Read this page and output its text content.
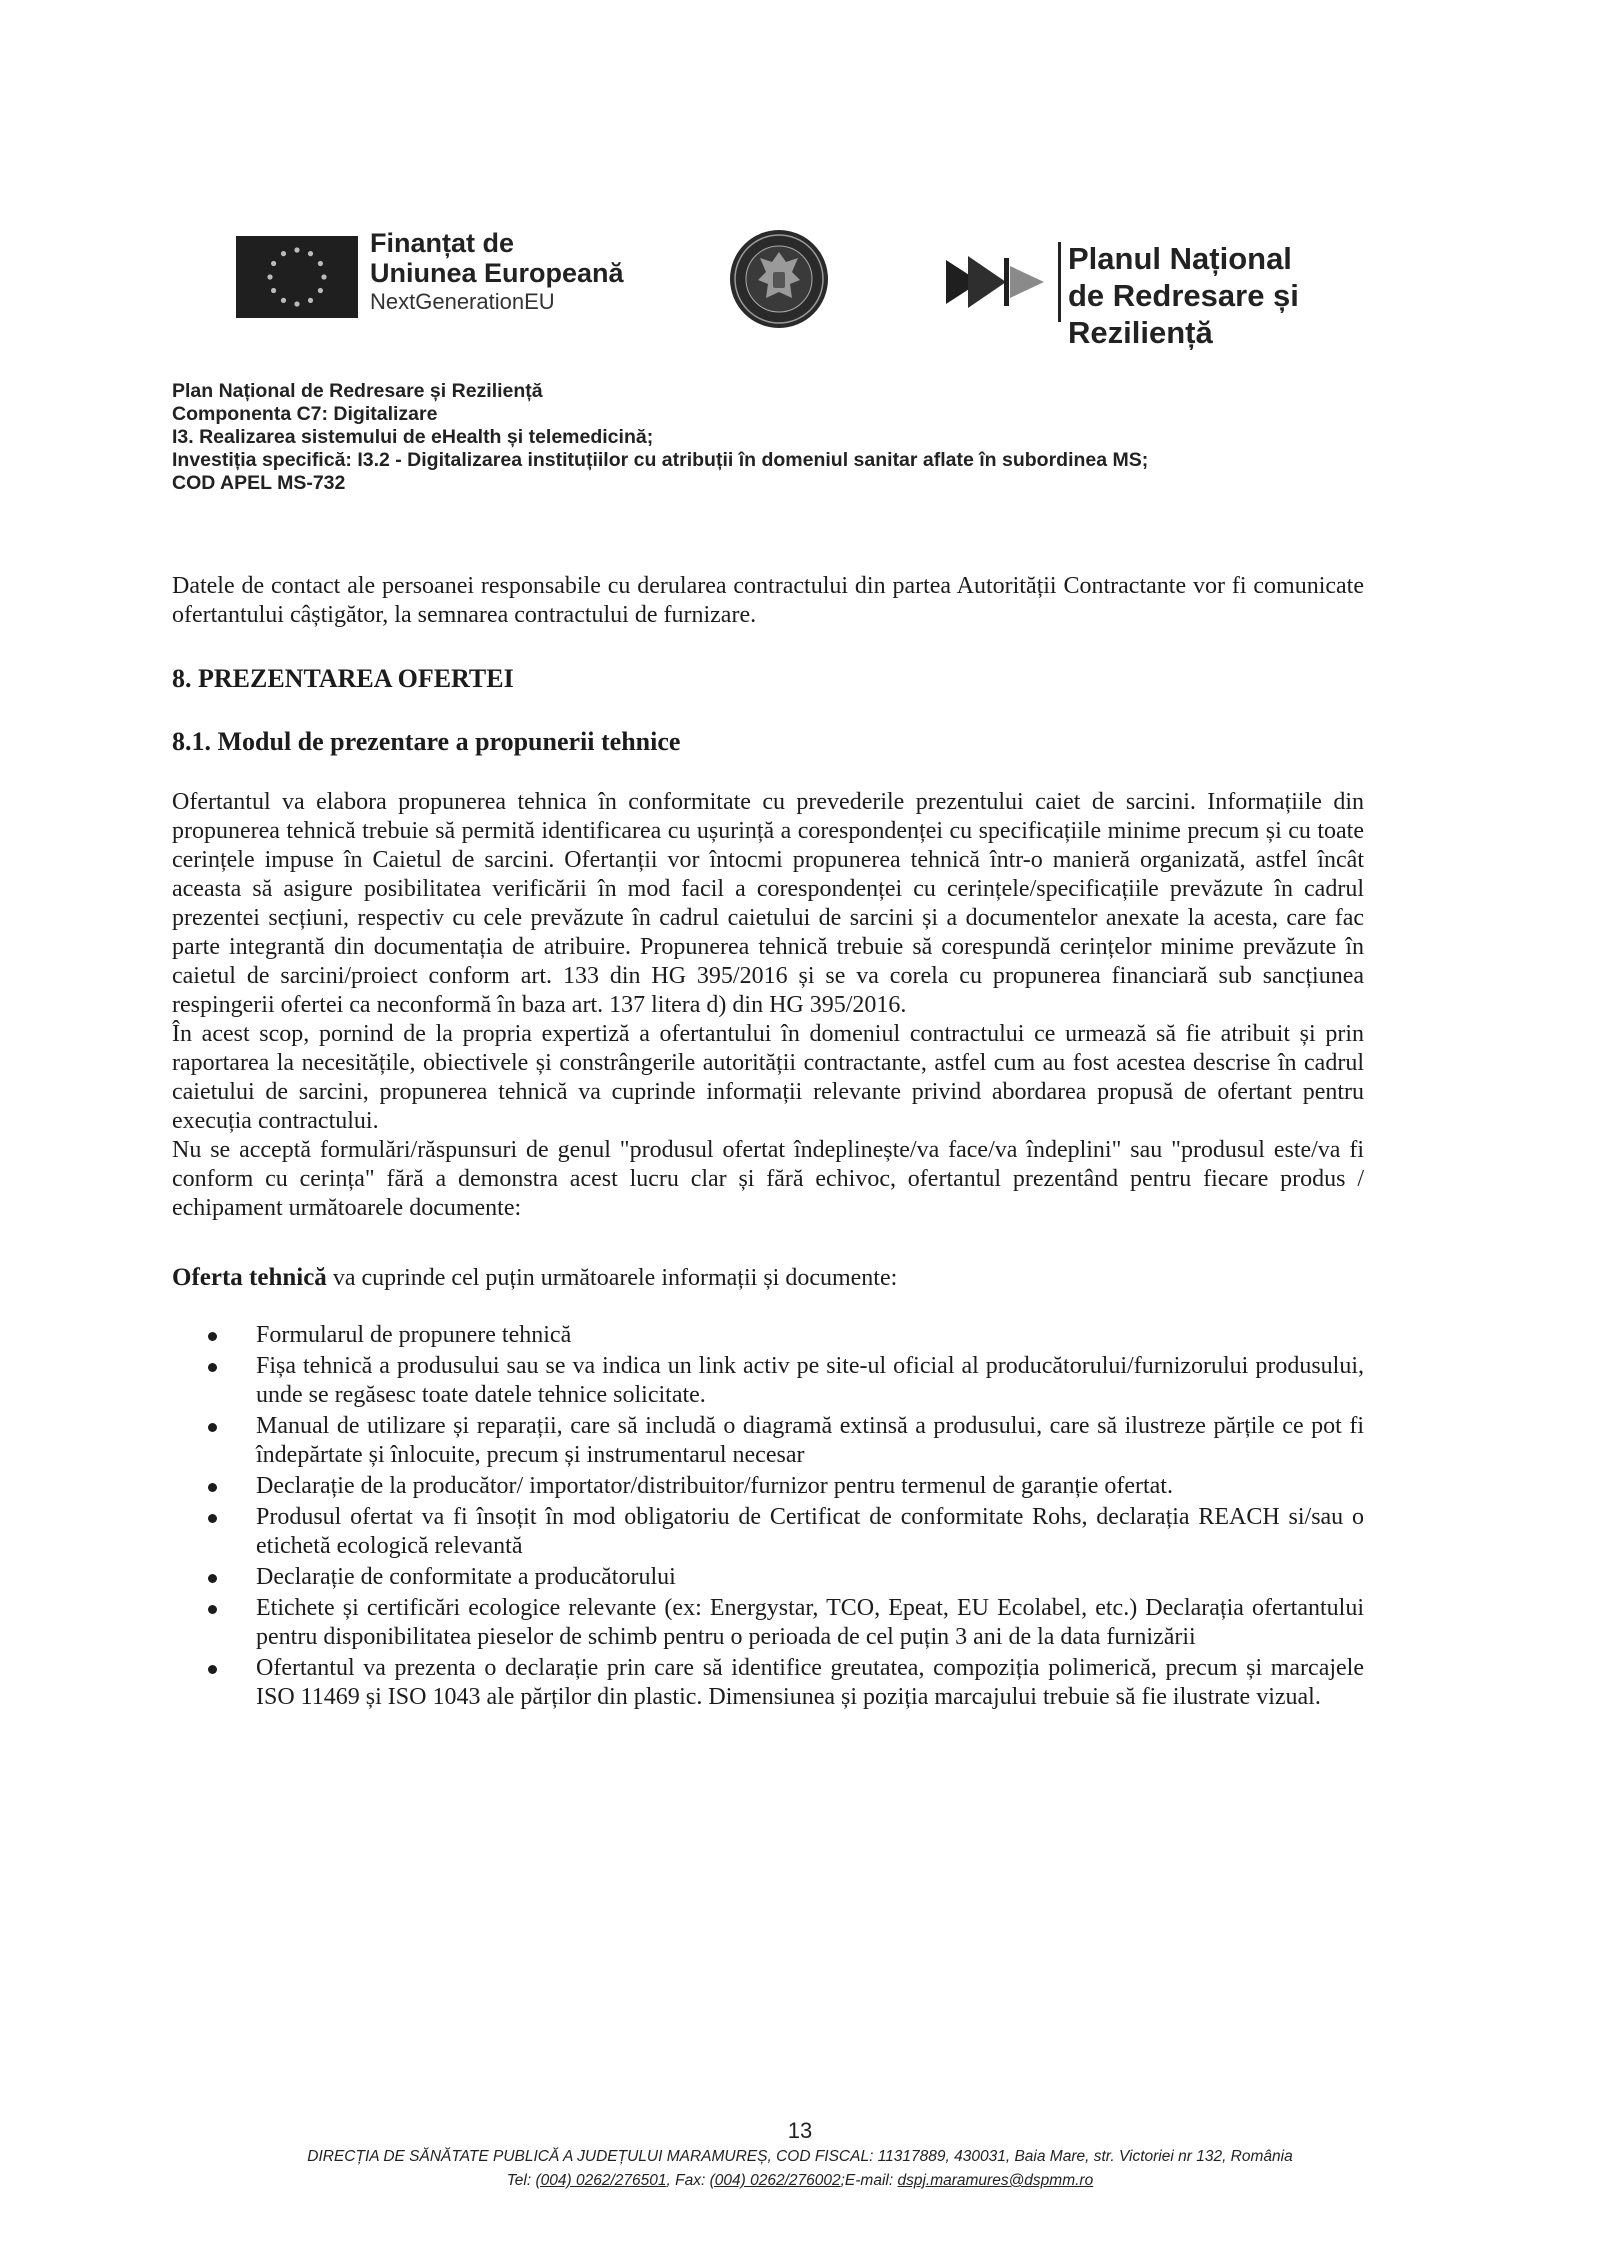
Finanțat de
Uniunea Europeană
NextGenerationEU
Planul Național
de Redresare și Reziliență
Plan Național de Redresare și Reziliență
Componenta C7: Digitalizare
I3. Realizarea sistemului de eHealth și telemedicină;
Investiția specifică: I3.2 - Digitalizarea instituțiilor cu atribuții în domeniul sanitar aflate în subordinea MS;
COD APEL MS-732
Datele de contact ale persoanei responsabile cu derularea contractului din partea Autorității Contractante vor fi comunicate ofertantului câștigător, la semnarea contractului de furnizare.
8. PREZENTAREA OFERTEI
8.1. Modul de prezentare a propunerii tehnice

Ofertantul va elabora propunerea tehnica în conformitate cu prevederile prezentului caiet de sarcini. Informațiile din propunerea tehnică trebuie să permită identificarea cu ușurință a corespondenței cu specificațiile minime precum și cu toate cerințele impuse în Caietul de sarcini. Ofertanții vor întocmi propunerea tehnică într-o manieră organizată, astfel încât aceasta să asigure posibilitatea verificării în mod facil a corespondenței cu cerințele/specificațiile prevăzute în cadrul prezentei secțiuni, respectiv cu cele prevăzute în cadrul caietului de sarcini și a documentelor anexate la acesta, care fac parte integrantă din documentația de atribuire. Propunerea tehnică trebuie să corespundă cerințelor minime prevăzute în caietul de sarcini/proiect conform art. 133 din HG 395/2016 și se va corela cu propunerea financiară sub sancțiunea respingerii ofertei ca neconformă în baza art. 137 litera d) din HG 395/2016.

În acest scop, pornind de la propria expertiză a ofertantului în domeniul contractului ce urmează să fie atribuit și prin raportarea la necesitățile, obiectivele și constrângerile autorității contractante, astfel cum au fost acestea descrise în cadrul caietului de sarcini, propunerea tehnică va cuprinde informații relevante privind abordarea propusă de ofertant pentru execuția contractului.

Nu se acceptă formulări/răspunsuri de genul "produsul ofertat îndeplinește/va face/va îndeplini" sau "produsul este/va fi conform cu cerința" fără a demonstra acest lucru clar și fără echivoc, ofertantul prezentând pentru fiecare produs / echipament următoarele documente:

Oferta tehnică va cuprinde cel puțin următoarele informații și documente:
Formularul de propunere tehnică
Fișa tehnică a produsului sau se va indica un link activ pe site-ul oficial al producătorului/furnizorului produsului, unde se regăsesc toate datele tehnice solicitate.
Manual de utilizare și reparații, care să includă o diagramă extinsă a produsului, care să ilustreze părțile ce pot fi îndepărtate și înlocuite, precum și instrumentarul necesar
Declarație de la producător/ importator/distribuitor/furnizor pentru termenul de garanție ofertat.
Produsul ofertat va fi însoțit în mod obligatoriu de Certificat de conformitate Rohs, declarația REACH si/sau o etichetă ecologică relevantă
Declarație de conformitate a producătorului
Etichete și certificări ecologice relevante (ex: Energystar, TCO, Epeat, EU Ecolabel, etc.) Declarația ofertantului pentru disponibilitatea pieselor de schimb pentru o perioada de cel puțin 3 ani de la data furnizării
Ofertantul va prezenta o declarație prin care să identifice greutatea, compoziția polimerică, precum și marcajele ISO 11469 și ISO 1043 ale părților din plastic. Dimensiunea și poziția marcajului trebuie să fie ilustrate vizual.
13
DIRECȚIA DE SĂNĂTATE PUBLICĂ A JUDEȚULUI MARAMUREȘ, COD FISCAL: 11317889, 430031, Baia Mare, str. Victoriei nr 132, România
Tel: (004) 0262/276501, Fax: (004) 0262/276002;E-mail: dspj.maramures@dspmm.ro
